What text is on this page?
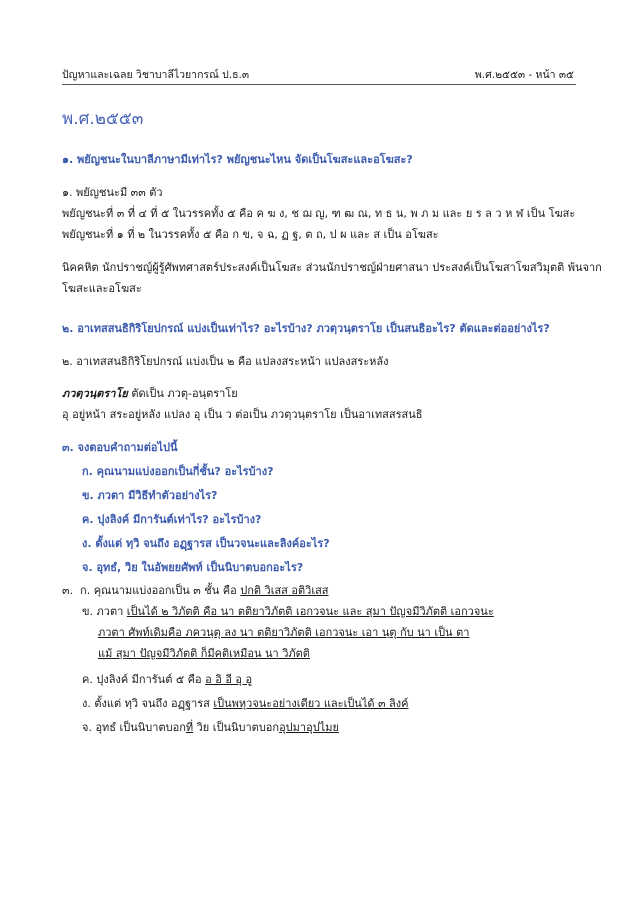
ปัญหาและเฉลย วิชาบาลีไวยากรณ์ ป.ธ.๓	พ.ศ.๒๕๕๓ - หน้า ๓๕
พ.ศ.๒๕๕๓
๑. พยัญชนะในบาลีภาษามีเท่าไร? พยัญชนะไหน จัดเป็นโฆสะและอโฆสะ?
๑. พยัญชนะมี ๓๓ ตัว
พยัญชนะที่ ๓ ที่ ๔ ที่ ๕ ในวรรคทั้ง ๕ คือ ค ฆ ง, ช ฌ ญ, ฑ ฒ ณ, ท ธ น, พ ภ ม และ ย ร ล ว ห ฬ เป็น โฆสะ
พยัญชนะที่ ๑ ที่ ๒ ในวรรคทั้ง ๕ คือ ก ข, จ ฉ, ฏ ฐ, ต ถ, ป ผ และ ส เป็น อโฆสะ
นิคคหิต นักปราชญ์ผู้รู้ศัพทศาสตร์ประสงค์เป็นโฆสะ ส่วนนักปราชญ์ฝ่ายศาสนา ประสงค์เป็นโฆสาโฆสวิมุตติ พ้นจาก
โฆสะและอโฆสะ
๒. อาเทสสนธิกิริโยปกรณ์ แบ่งเป็นเท่าไร? อะไรบ้าง? ภวตฺวนฺตราโย เป็นสนธิอะไร? ตัดและต่ออย่างไร?
๒. อาเทสสนธิกิริโยปกรณ์ แบ่งเป็น ๒ คือ แปลงสระหน้า แปลงสระหลัง
ภวตฺวนฺตราโย ตัดเป็น ภวตุ-อนฺตราโย
อุ อยู่หน้า สระอยู่หลัง แปลง อุ เป็น ว ต่อเป็น ภวตฺวนฺตราโย เป็นอาเทสสรสนธิ
๓. จงตอบคำถามต่อไปนี้
ก. คุณนามแบ่งออกเป็นกี่ชั้น? อะไรบ้าง?
ข. ภวตา มีวิธีทำตัวอย่างไร?
ค. ปุงลิงค์ มีการันต์เท่าไร? อะไรบ้าง?
ง. ตั้งแต่ ทฺวิ จนถึง อฏฺฐารส เป็นวจนะและลิงค์อะไร?
จ. อุทธํ, วิย ในอัพยยศัพท์ เป็นนิบาตบอกอะไร?
๓. ก. คุณนามแบ่งออกเป็น ๓ ชั้น คือ ปกติ วิเสส อติวิเสส
ข. ภวตา เป็นได้ ๒ วิภัตติ คือ นา ตติยาวิภัตติ เอกวจนะ และ สฺมา ปัญจมีวิภัตติ เอกวจนะ
ภวตา ศัพท์เดิมคือ ภควนฺตุ ลง นา ตติยาวิภัตติ เอกวจนะ เอา นฺตุ กับ นา เป็น ตา
แม้ สฺมา ปัญจมีวิภัตติ ก็มีคติเหมือน นา วิภัตติ
ค. ปุงลิงค์ มีการันต์ ๕ คือ อ อิ อี อุ อู
ง. ตั้งแต่ ทฺวิ จนถึง อฏฺฐารส เป็นพหุวจนะอย่างเดียว และเป็นได้ ๓ ลิงค์
จ. อุทธํ เป็นนิบาตบอกที่ วิย เป็นนิบาตบอกอุปมาอุปไมย
